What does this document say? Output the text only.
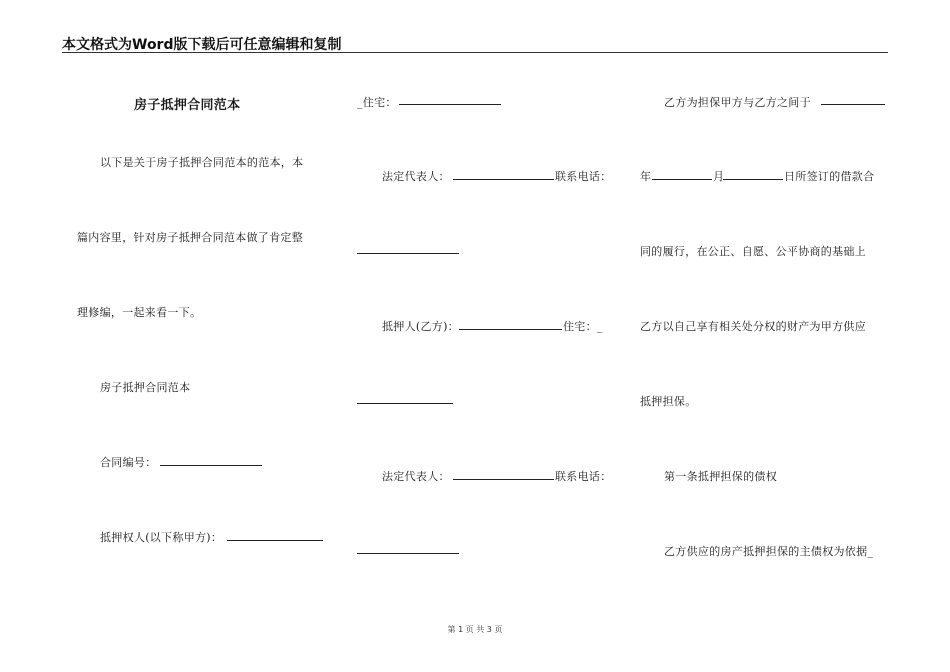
本文格式为Word版下载后可任意编辑和复制
房子抵押合同范本
以下是关于房子抵押合同范本的范本，本
篇内容里，针对房子抵押合同范本做了肯定整
理修编，一起来看一下。
房子抵押合同范本
合同编号：
抵押权人(以下称甲方)：
_住宅：
法定代表人：	联系电话：
抵押人(乙方)：	住宅：_
法定代表人：	联系电话：
乙方为担保甲方与乙方之间于
年	月	日所签订的借款合
同的履行，在公正、自愿、公平协商的基础上
乙方以自己享有相关处分权的财产为甲方供应
抵押担保。
第一条抵押担保的债权
乙方供应的房产抵押担保的主债权为依据_
第 1 页 共 3 页
